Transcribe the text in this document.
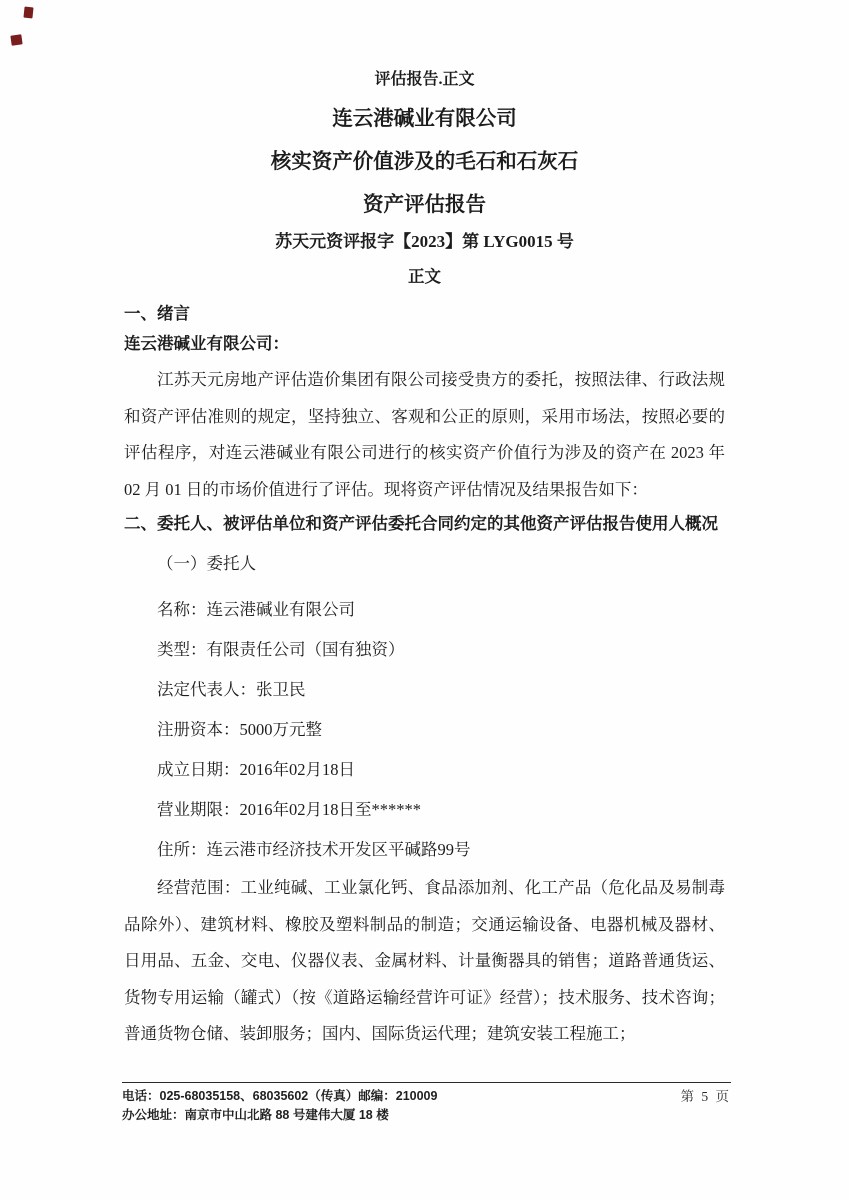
评估报告.正文
连云港碱业有限公司
核实资产价值涉及的毛石和石灰石
资产评估报告
苏天元资评报字【2023】第 LYG0015 号
正文
一、绪言
连云港碱业有限公司：

江苏天元房地产评估造价集团有限公司接受贵方的委托，按照法律、行政法规和资产评估准则的规定，坚持独立、客观和公正的原则，采用市场法，按照必要的评估程序，对连云港碱业有限公司进行的核实资产价值行为涉及的资产在 2023 年 02 月 01 日的市场价值进行了评估。现将资产评估情况及结果报告如下：

二、委托人、被评估单位和资产评估委托合同约定的其他资产评估报告使用人概况
（一）委托人
名称：连云港碱业有限公司
类型：有限责任公司（国有独资）
法定代表人：张卫民
注册资本：5000万元整
成立日期：2016年02月18日
营业期限：2016年02月18日至******
住所：连云港市经济技术开发区平碱路99号

经营范围：工业纯碱、工业氯化钙、食品添加剂、化工产品（危化品及易制毒品除外）、建筑材料、橡胶及塑料制品的制造；交通运输设备、电器机械及器材、日用品、五金、交电、仪器仪表、金属材料、计量衡器具的销售；道路普通货运、货物专用运输（罐式）（按《道路运输经营许可证》经营）；技术服务、技术咨询；普通货物仓储、装卸服务；国内、国际货运代理；建筑安装工程施工；

电话：025-68035158、68035602（传真）邮编：210009
办公地址：南京市中山北路 88 号建伟大厦 18 楼
第 5 页
